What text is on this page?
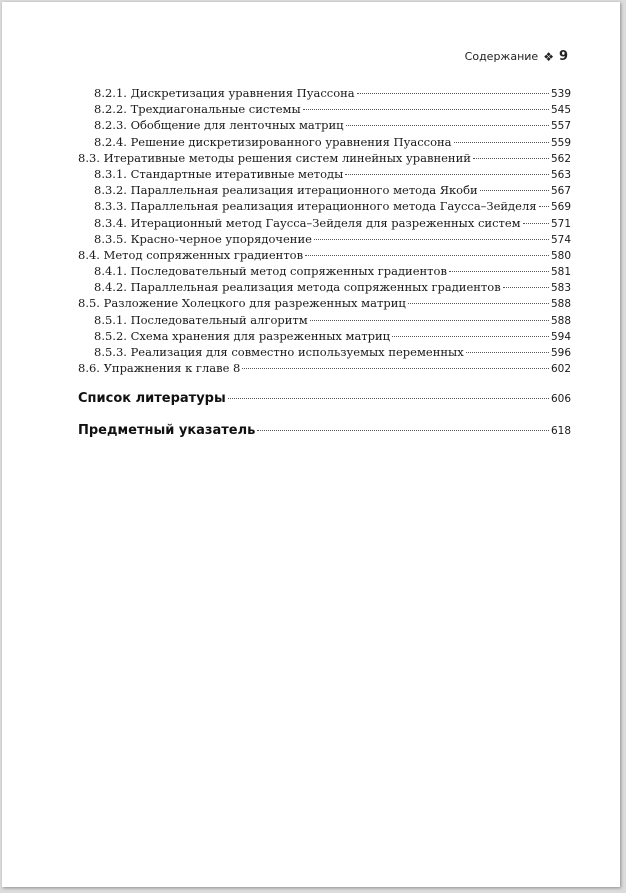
Содержание ❖ 9
8.2.1. Дискретизация уравнения Пуассона	539
8.2.2. Трехдиагональные системы	545
8.2.3. Обобщение для ленточных матриц	557
8.2.4. Решение дискретизированного уравнения Пуассона	559
8.3. Итеративные методы решения систем линейных уравнений	562
8.3.1. Стандартные итеративные методы	563
8.3.2. Параллельная реализация итерационного метода Якоби	567
8.3.3. Параллельная реализация итерационного метода Гаусса–Зейделя 569
8.3.4. Итерационный метод Гаусса–Зейделя для разреженных систем	571
8.3.5. Красно-черное упорядочение	574
8.4. Метод сопряженных градиентов	580
8.4.1. Последовательный метод сопряженных градиентов	581
8.4.2. Параллельная реализация метода сопряженных градиентов	583
8.5. Разложение Холецкого для разреженных матриц	588
8.5.1. Последовательный алгоритм	588
8.5.2. Схема хранения для разреженных матриц	594
8.5.3. Реализация для совместно используемых переменных	596
8.6. Упражнения к главе 8	602
Список литературы	606
Предметный указатель	618
